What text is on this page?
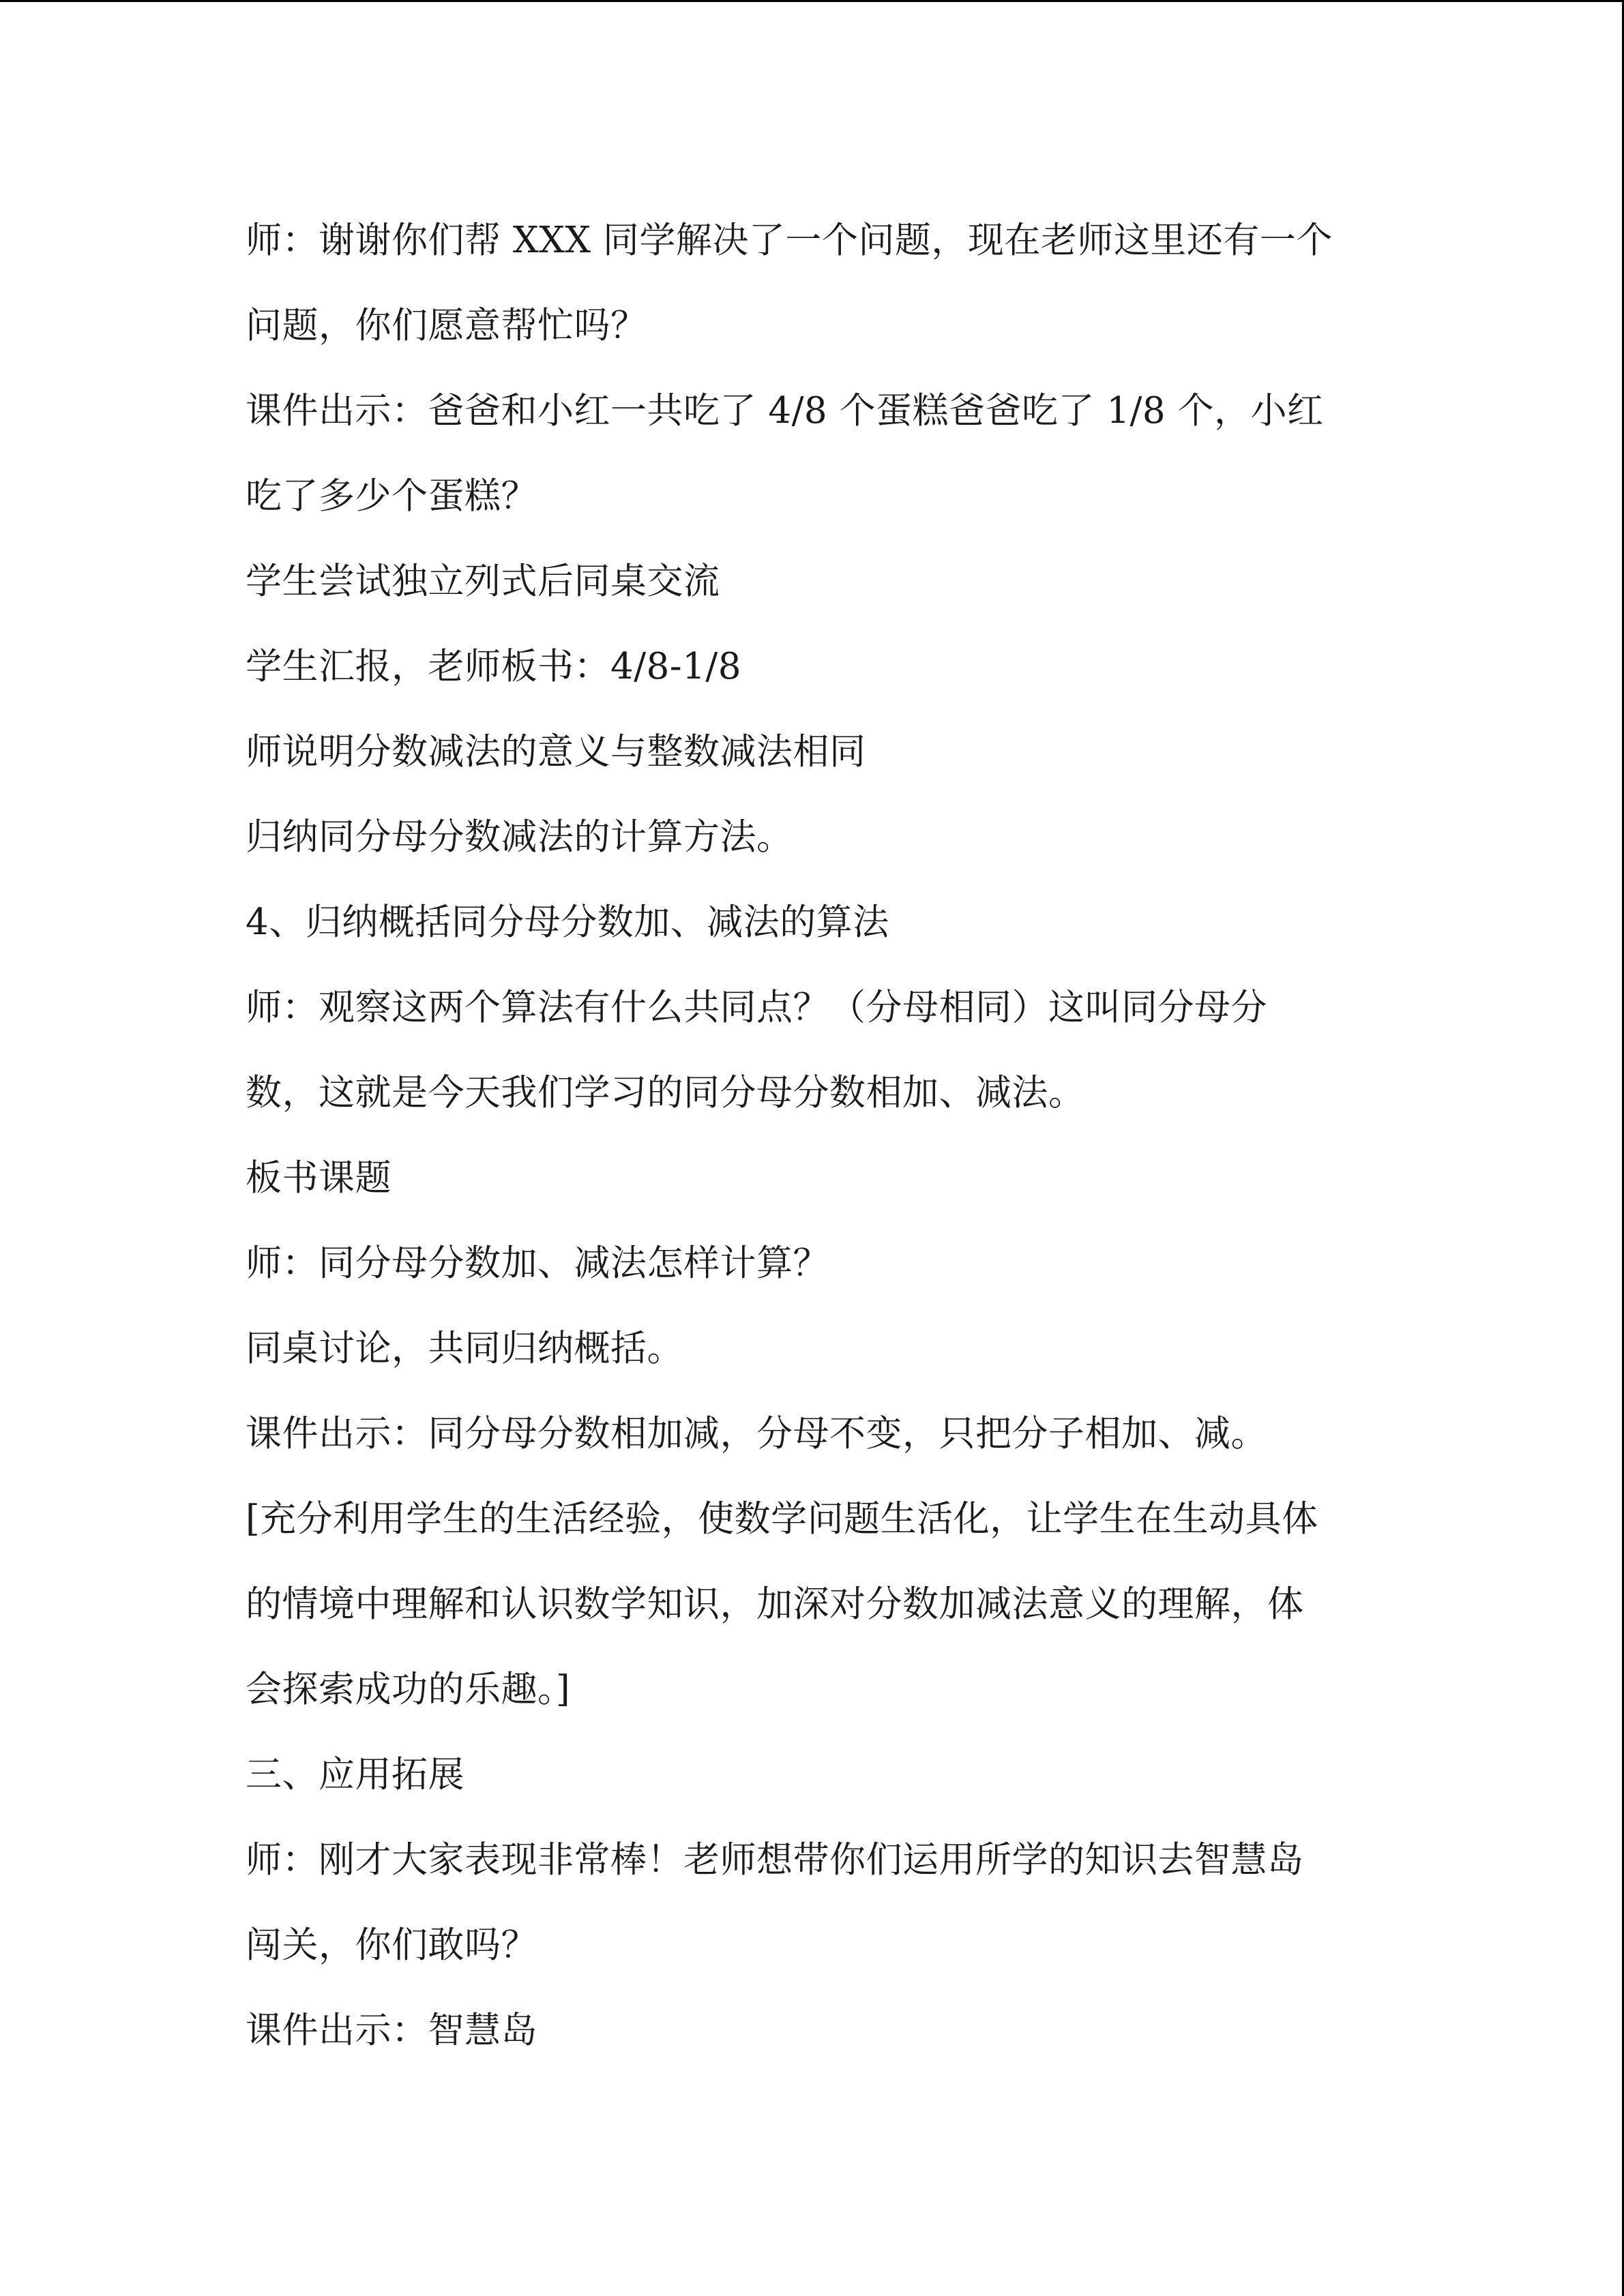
师：谢谢你们帮 XXX 同学解决了一个问题，现在老师这里还有一个
问题，你们愿意帮忙吗？
课件出示：爸爸和小红一共吃了 4/8 个蛋糕爸爸吃了 1/8 个，小红
吃了多少个蛋糕？
学生尝试独立列式后同桌交流
学生汇报，老师板书：4/8-1/8
师说明分数减法的意义与整数减法相同
归纳同分母分数减法的计算方法。
4、归纳概括同分母分数加、减法的算法
师：观察这两个算法有什么共同点？（分母相同）这叫同分母分
数，这就是今天我们学习的同分母分数相加、减法。
板书课题
师：同分母分数加、减法怎样计算？
同桌讨论，共同归纳概括。
课件出示：同分母分数相加减，分母不变，只把分子相加、减。
[充分利用学生的生活经验，使数学问题生活化，让学生在生动具体
的情境中理解和认识数学知识，加深对分数加减法意义的理解，体
会探索成功的乐趣。]
三、应用拓展
师：刚才大家表现非常棒！老师想带你们运用所学的知识去智慧岛
闯关，你们敢吗？
课件出示：智慧岛
